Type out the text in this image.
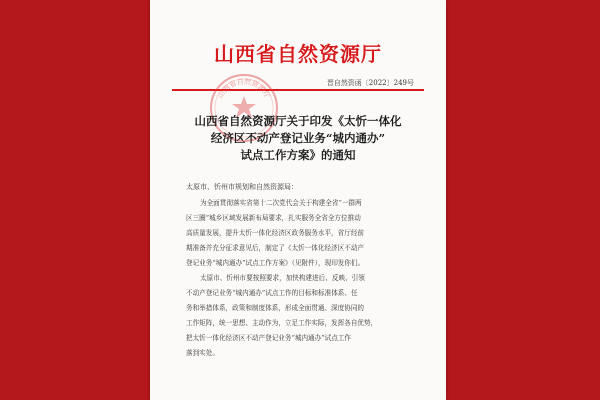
山西省自然资源厅
晋自然资函〔2022〕249号
山西省自然资源厅
山西省自然资源厅关于印发《太忻一体化
经济区不动产登记业务“城内通办”
试点工作方案》的通知
太原市、忻州市规划和自然资源局：

为全面贯彻落实省第十二次党代会关于构建全省“一群两

区三圈”城乡区域发展新布局要求，扎实服务全省全方位推动

高质量发展，提升太忻一体化经济区政务服务水平，省厅经前

期准备并充分征求意见后，制定了《太忻一体化经济区不动产

登记业务“城内通办”试点工作方案》（见附件），现印发你们。

太原市、忻州市要按照要求，加快构建进后、反映、引领

不动产登记业务“城内通办”试点工作的目标和标准体系、任

务和举措体系，政策和制度体系，形成全面贯通、深度协同的

工作矩阵，统一思想、主动作为，立足工作实际，发挥各自优势，

把太忻一体化经济区不动产登记业务“城内通办”试点工作

落到实处。
